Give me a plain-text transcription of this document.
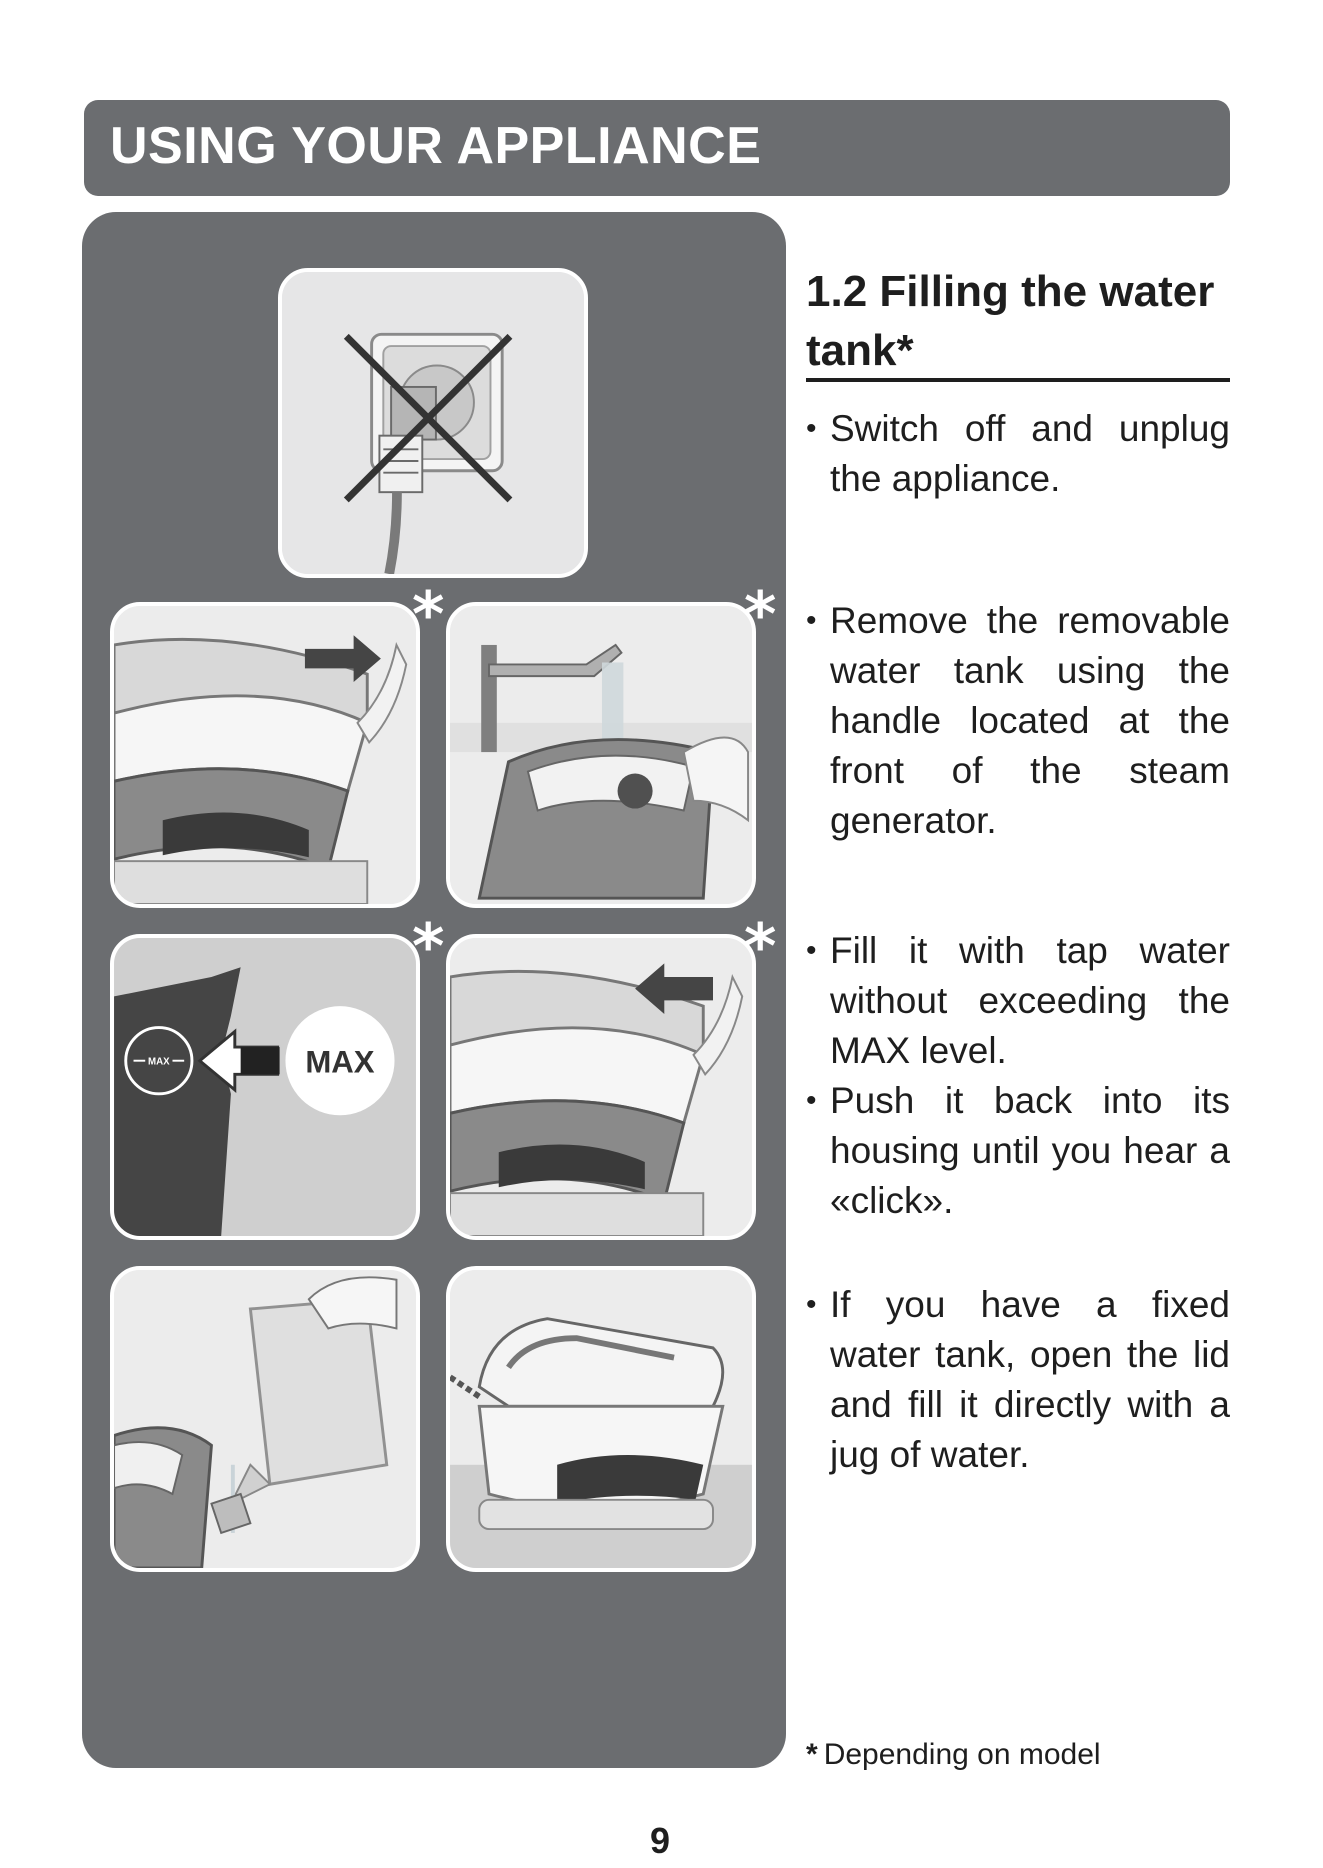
USING YOUR APPLIANCE
*	*
MAX	MAX
*	*
1.2 Filling the water tank*
• Switch off and unplug the appliance.
• Remove the removable water tank using the handle located at the front of the steam generator.
• Fill it with tap water without exceeding the MAX level.
• Push it back into its housing until you hear a «click».
• If you have a fixed water tank, open the lid and fill it directly with a jug of water.
* Depending on model
9
